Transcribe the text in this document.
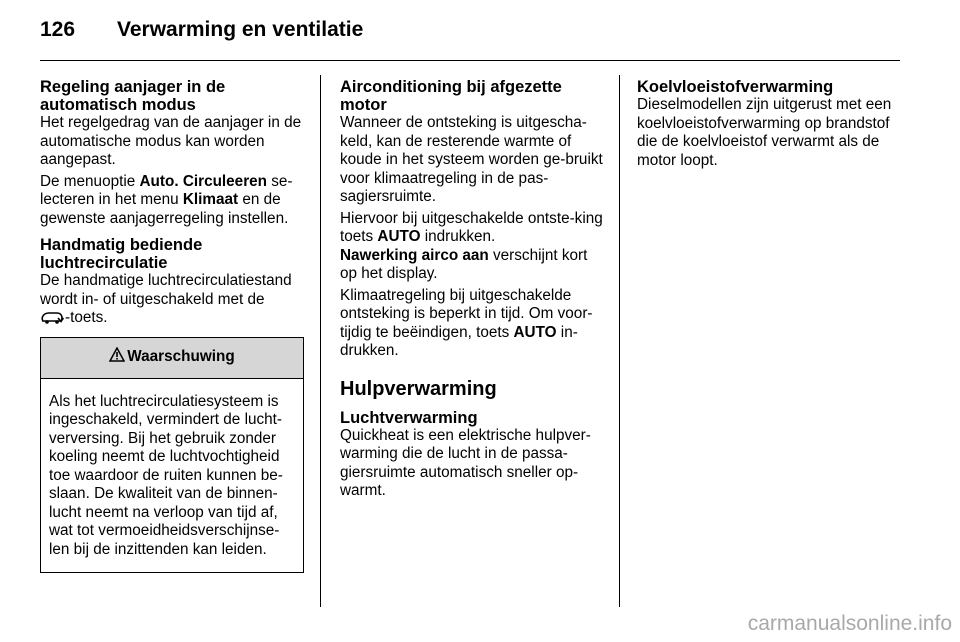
126 Verwarming en ventilatie
Regeling aanjager in de automatisch modus

Het regelgedrag van de aanjager in de automatische modus kan worden aangepast.

De menuoptie Auto. Circuleeren se-lecteren in het menu Klimaat en de gewenste aanjagerregeling instellen.

Handmatig bediende luchtrecirculatie

De handmatige luchtrecirculatiestand wordt in- of uitgeschakeld met de
-toets.

Waarschuwing

Als het luchtrecirculatiesysteem is ingeschakeld, vermindert de lucht-verversing. Bij het gebruik zonder koeling neemt de luchtvochtigheid toe waardoor de ruiten kunnen be-slaan. De kwaliteit van de binnen-lucht neemt na verloop van tijd af, wat tot vermoeidheidsverschijnse-len bij de inzittenden kan leiden.

Airconditioning bij afgezette motor

Wanneer de ontsteking is uitgescha-keld, kan de resterende warmte of koude in het systeem worden ge-bruikt voor klimaatregeling in de pas-sagiersruimte.

Hiervoor bij uitgeschakelde ontste-king toets AUTO indrukken.

Nawerking airco aan verschijnt kort op het display.

Klimaatregeling bij uitgeschakelde ontsteking is beperkt in tijd. Om voor-tijdig te beëindigen, toets AUTO in-drukken.

Hulpverwarming
Luchtverwarming

Quickheat is een elektrische hulpver-warming die de lucht in de passa-giersruimte automatisch sneller op-warmt.

Koelvloeistofverwarming

Dieselmodellen zijn uitgerust met een koelvloeistofverwarming op brandstof die de koelvloeistof verwarmt als de motor loopt.

carmanualsonline.info
